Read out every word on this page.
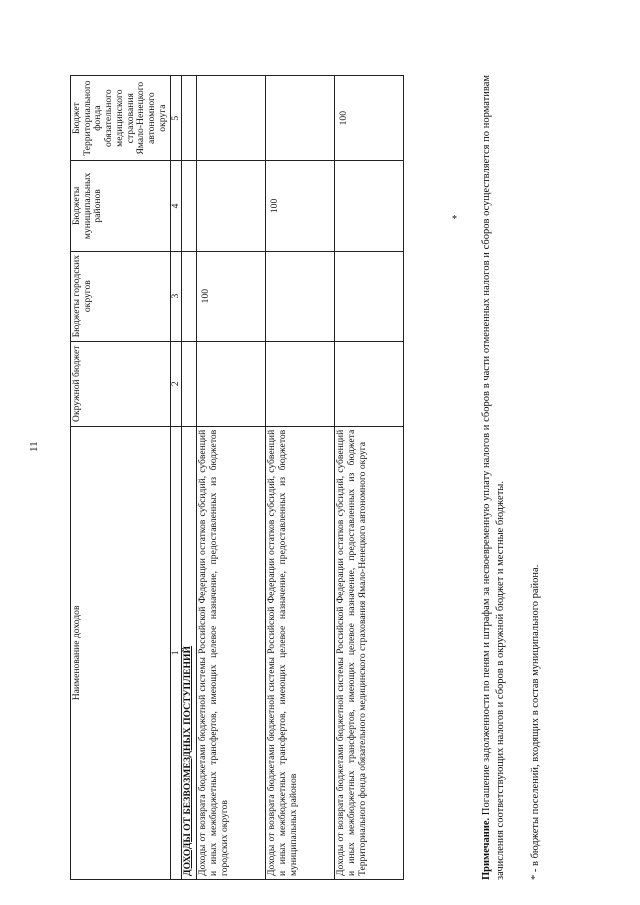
11
*
Наименование доходов	Окружной бюджет	Бюджеты городских округов	Бюджеты муниципальных районов	Бюджет Территориального фонда обязательного медицинского страхования Ямало-Ненецкого автономного округа
1	2	3	4	5
ДОХОДЫ ОТ БЕЗВОЗМЕЗДНЫХ ПОСТУПЛЕНИЙ				
Доходы от возврата бюджетами бюджетной системы Российской Федерации остатков субсидий, субвенций и иных межбюджетных трансфертов, имеющих целевое назначение, предоставленных из бюджетов городских округов		100		
Доходы от возврата бюджетами бюджетной системы Российской Федерации остатков субсидий, субвенций и иных межбюджетных трансфертов, имеющих целевое назначение, предоставленных из бюджетов муниципальных районов			100	
Доходы от возврата бюджетами бюджетной системы Российской Федерации остатков субсидий, субвенций и иных межбюджетных трансфертов, имеющих целевое назначение, предоставленных из бюджета Территориального фонда обязательного медицинского страхования Ямало-Ненецкого автономного округа				100
Примечание. Погашение задолженности по пеням и штрафам за несвоевременную уплату налогов и сборов в части отмененных налогов и сборов осуществляется по нормативам зачисления соответствующих налогов и сборов в окружной бюджет и местные бюджеты. * - в бюджеты поселений, входящих в состав муниципального района.
